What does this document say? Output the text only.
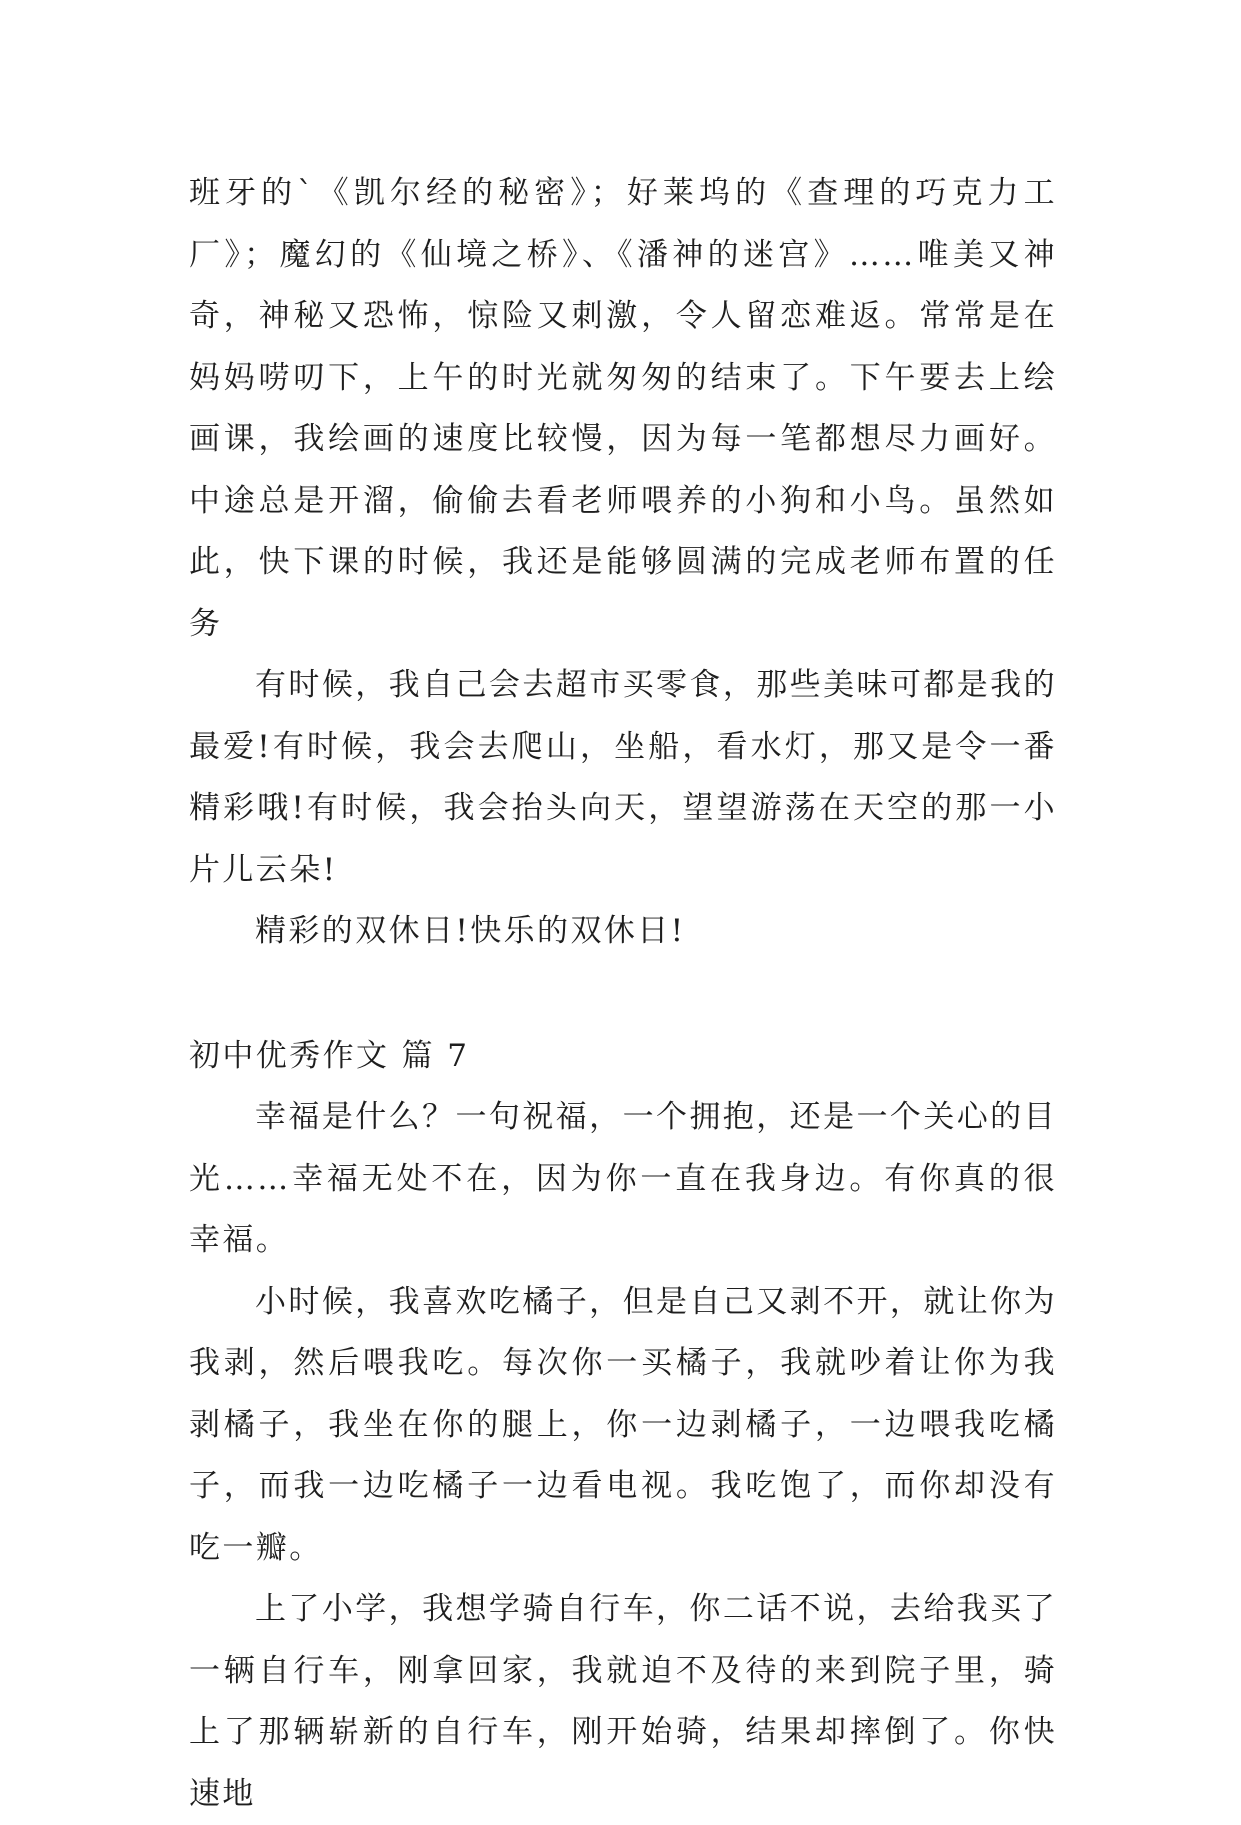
班牙的`《凯尔经的秘密》；好莱坞的《查理的巧克力工厂》；魔幻的《仙境之桥》、《潘神的迷宫》……唯美又神奇，神秘又恐怖，惊险又刺激，令人留恋难返。常常是在妈妈唠叨下，上午的时光就匆匆的结束了。下午要去上绘画课，我绘画的速度比较慢，因为每一笔都想尽力画好。中途总是开溜，偷偷去看老师喂养的小狗和小鸟。虽然如此，快下课的时候，我还是能够圆满的完成老师布置的任务

有时候，我自己会去超市买零食，那些美味可都是我的最爱!有时候，我会去爬山，坐船，看水灯，那又是令一番精彩哦!有时候，我会抬头向天，望望游荡在天空的那一小片儿云朵!

精彩的双休日!快乐的双休日!

初中优秀作文 篇 7

幸福是什么？一句祝福，一个拥抱，还是一个关心的目光……幸福无处不在，因为你一直在我身边。有你真的很幸福。

小时候，我喜欢吃橘子，但是自己又剥不开，就让你为我剥，然后喂我吃。每次你一买橘子，我就吵着让你为我剥橘子，我坐在你的腿上，你一边剥橘子，一边喂我吃橘子，而我一边吃橘子一边看电视。我吃饱了，而你却没有吃一瓣。

上了小学，我想学骑自行车，你二话不说，去给我买了一辆自行车，刚拿回家，我就迫不及待的来到院子里，骑上了那辆崭新的自行车，刚开始骑，结果却摔倒了。你快速地
